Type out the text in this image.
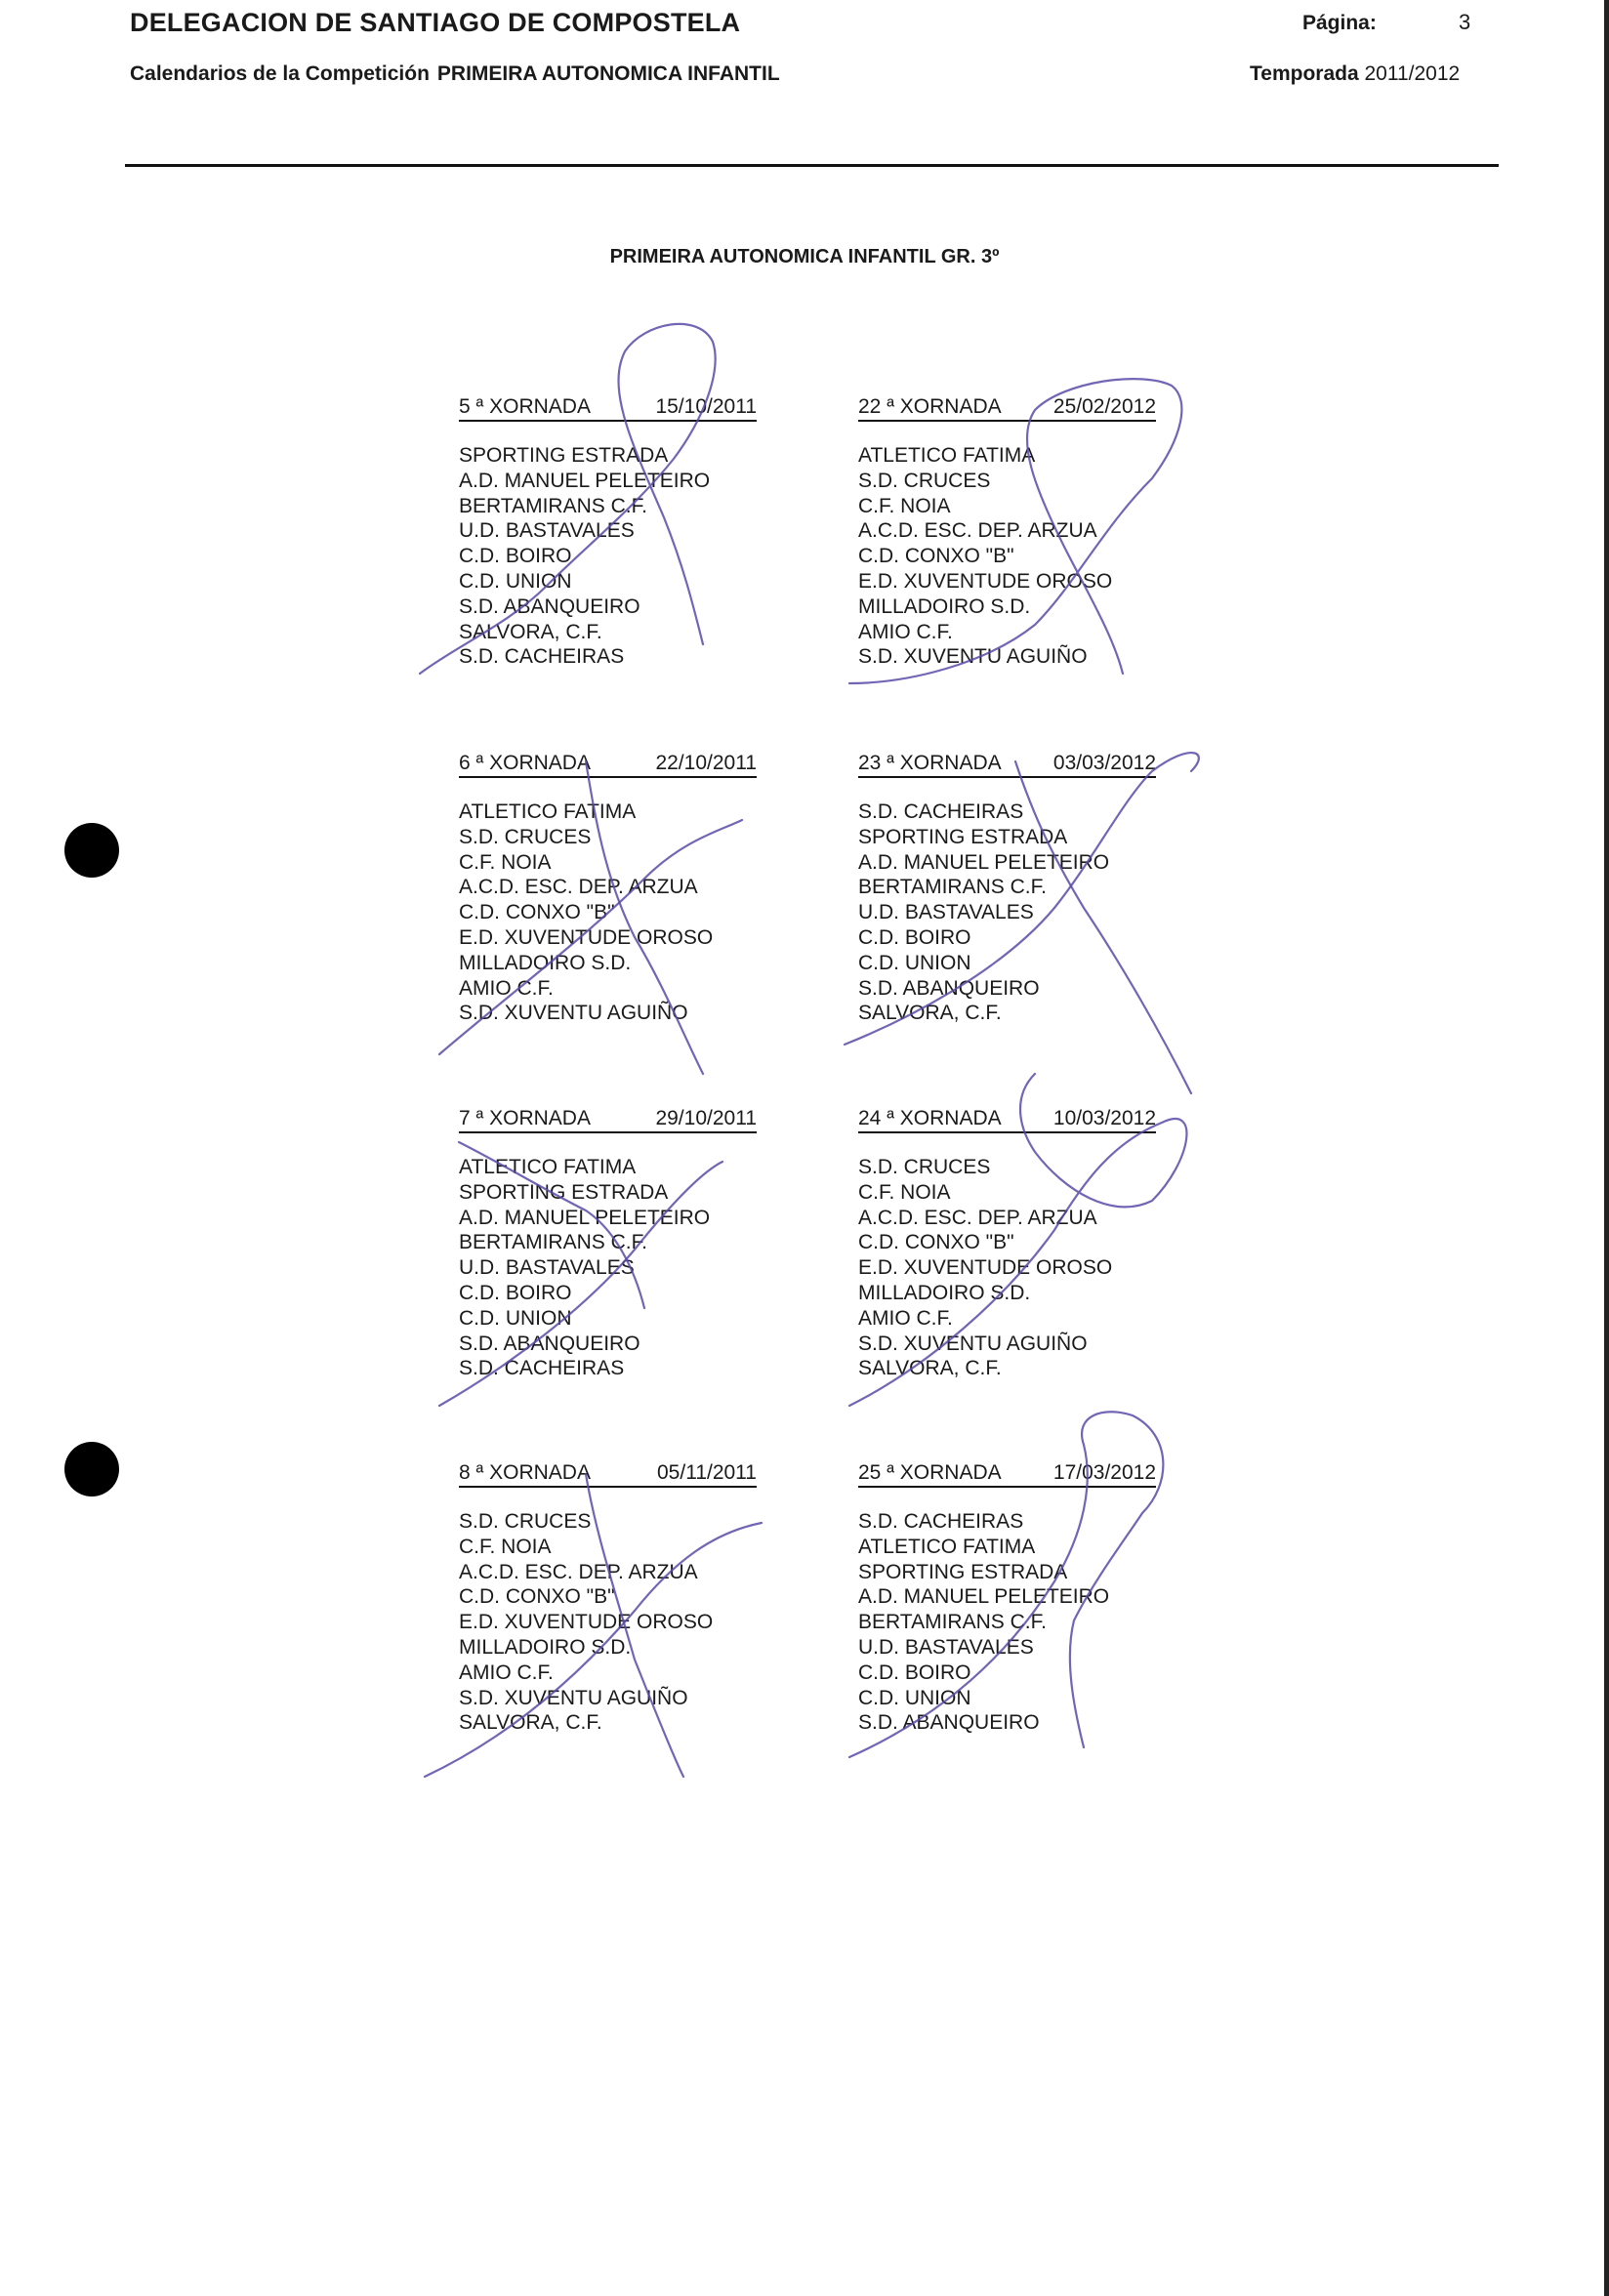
DELEGACION DE SANTIAGO DE COMPOSTELA	Página:	3
Calendarios de la Competición PRIMEIRA AUTONOMICA INFANTIL	Temporada 2011/2012
PRIMEIRA AUTONOMICA INFANTIL GR. 3º
5 ª XORNADA	15/10/2011
SPORTING ESTRADA
A.D. MANUEL PELETEIRO
BERTAMIRANS C.F.
U.D. BASTAVALES
C.D. BOIRO
C.D. UNION
S.D. ABANQUEIRO
SALVORA, C.F.
S.D. CACHEIRAS
22 ª XORNADA	25/02/2012
ATLETICO FATIMA
S.D. CRUCES
C.F. NOIA
A.C.D. ESC. DEP. ARZUA
C.D. CONXO "B"
E.D. XUVENTUDE OROSO
MILLADOIRO S.D.
AMIO C.F.
S.D. XUVENTU AGUIÑO
6 ª XORNADA	22/10/2011
ATLETICO FATIMA
S.D. CRUCES
C.F. NOIA
A.C.D. ESC. DEP. ARZUA
C.D. CONXO "B"
E.D. XUVENTUDE OROSO
MILLADOIRO S.D.
AMIO C.F.
S.D. XUVENTU AGUIÑO
23 ª XORNADA	03/03/2012
S.D. CACHEIRAS
SPORTING ESTRADA
A.D. MANUEL PELETEIRO
BERTAMIRANS C.F.
U.D. BASTAVALES
C.D. BOIRO
C.D. UNION
S.D. ABANQUEIRO
SALVORA, C.F.
7 ª XORNADA	29/10/2011
ATLETICO FATIMA
SPORTING ESTRADA
A.D. MANUEL PELETEIRO
BERTAMIRANS C.F.
U.D. BASTAVALES
C.D. BOIRO
C.D. UNION
S.D. ABANQUEIRO
S.D. CACHEIRAS
24 ª XORNADA	10/03/2012
S.D. CRUCES
C.F. NOIA
A.C.D. ESC. DEP. ARZUA
C.D. CONXO "B"
E.D. XUVENTUDE OROSO
MILLADOIRO S.D.
AMIO C.F.
S.D. XUVENTU AGUIÑO
SALVORA, C.F.
8 ª XORNADA	05/11/2011
S.D. CRUCES
C.F. NOIA
A.C.D. ESC. DEP. ARZUA
C.D. CONXO "B"
E.D. XUVENTUDE OROSO
MILLADOIRO S.D.
AMIO C.F.
S.D. XUVENTU AGUIÑO
SALVORA, C.F.
25 ª XORNADA	17/03/2012
S.D. CACHEIRAS
ATLETICO FATIMA
SPORTING ESTRADA
A.D. MANUEL PELETEIRO
BERTAMIRANS C.F.
U.D. BASTAVALES
C.D. BOIRO
C.D. UNION
S.D. ABANQUEIRO
